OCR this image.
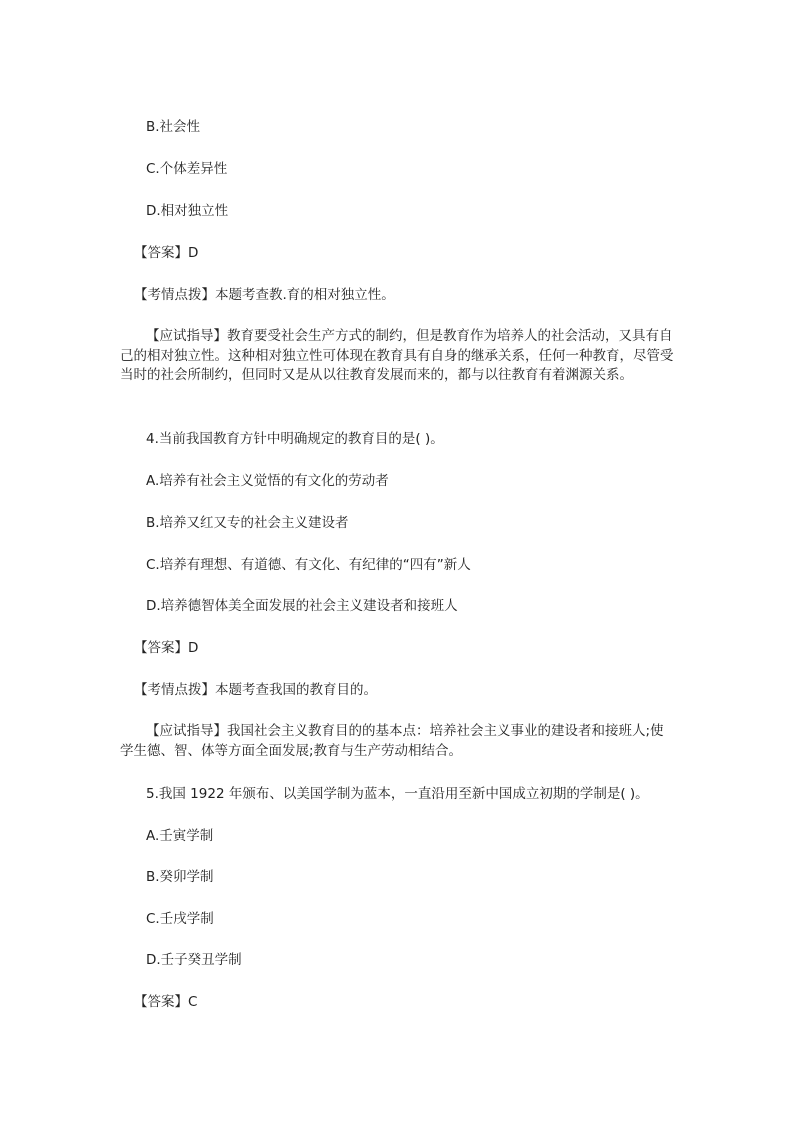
B.社会性
C.个体差异性
D.相对独立性
【答案】D
【考情点拨】本题考查教.育的相对独立性。
【应试指导】教育要受社会生产方式的制约，但是教育作为培养人的社会活动，又具有自己的相对独立性。这种相对独立性可体现在教育具有自身的继承关系，任何一种教育，尽管受当时的社会所制约，但同时又是从以往教育发展而来的，都与以往教育有着渊源关系。
4.当前我国教育方针中明确规定的教育目的是( )。
A.培养有社会主义觉悟的有文化的劳动者
B.培养又红又专的社会主义建设者
C.培养有理想、有道德、有文化、有纪律的“四有”新人
D.培养德智体美全面发展的社会主义建设者和接班人
【答案】D
【考情点拨】本题考查我国的教育目的。
【应试指导】我国社会主义教育目的的基本点：培养社会主义事业的建设者和接班人;使学生德、智、体等方面全面发展;教育与生产劳动相结合。
5.我国 1922 年颁布、以美国学制为蓝本，一直沿用至新中国成立初期的学制是( )。
A.壬寅学制
B.癸卯学制
C.壬戌学制
D.壬子癸丑学制
【答案】C
